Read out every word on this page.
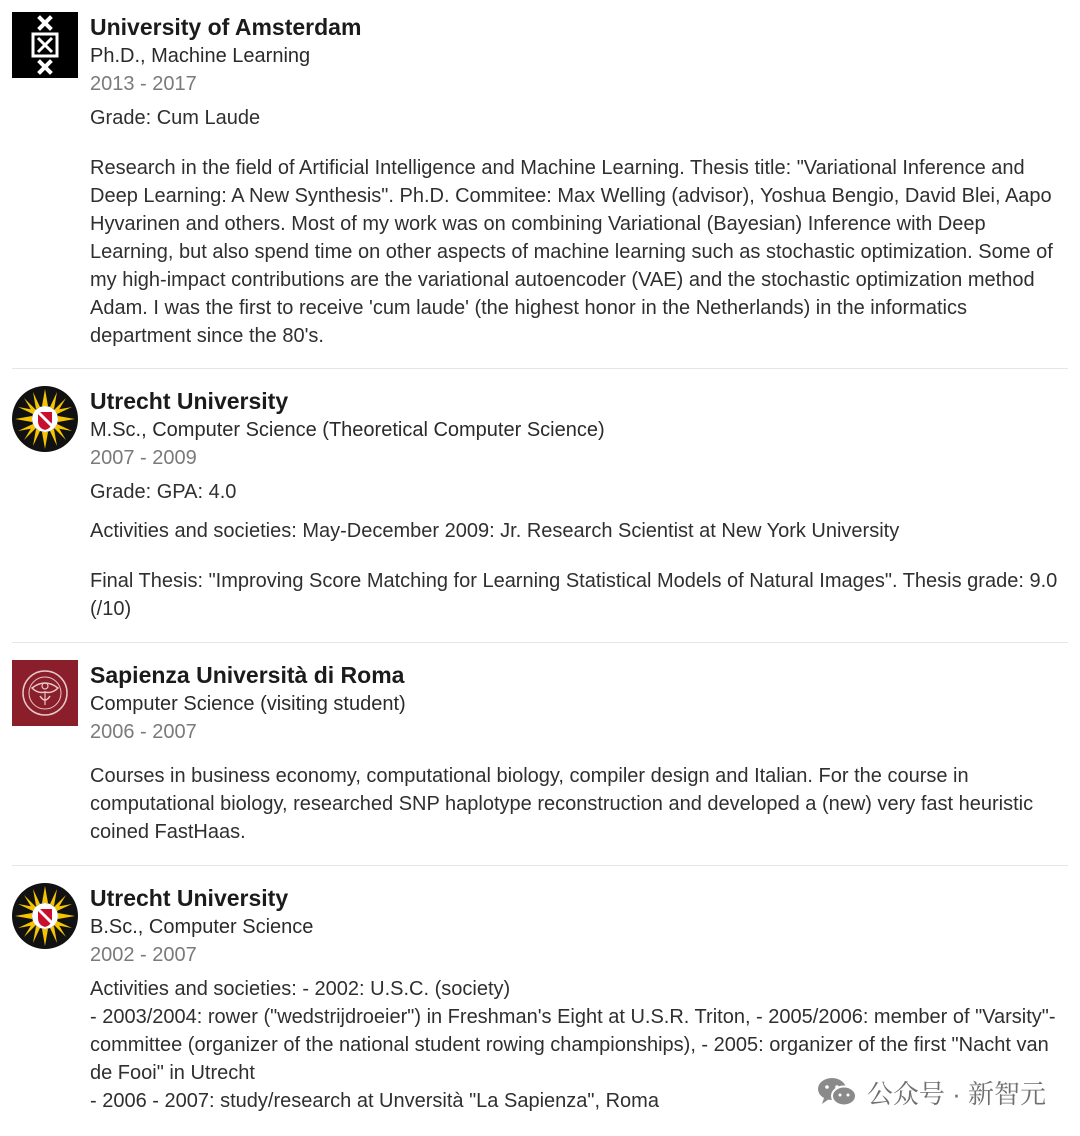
University of Amsterdam
Ph.D., Machine Learning
2013 - 2017
Grade: Cum Laude
Research in the field of Artificial Intelligence and Machine Learning. Thesis title: "Variational Inference and Deep Learning: A New Synthesis". Ph.D. Commitee: Max Welling (advisor), Yoshua Bengio, David Blei, Aapo Hyvarinen and others. Most of my work was on combining Variational (Bayesian) Inference with Deep Learning, but also spend time on other aspects of machine learning such as stochastic optimization. Some of my high-impact contributions are the variational autoencoder (VAE) and the stochastic optimization method Adam. I was the first to receive 'cum laude' (the highest honor in the Netherlands) in the informatics department since the 80's.
Utrecht University
M.Sc., Computer Science (Theoretical Computer Science)
2007 - 2009
Grade: GPA: 4.0
Activities and societies: May-December 2009: Jr. Research Scientist at New York University
Final Thesis: "Improving Score Matching for Learning Statistical Models of Natural Images". Thesis grade: 9.0 (/10)
Sapienza Università di Roma
Computer Science (visiting student)
2006 - 2007
Courses in business economy, computational biology, compiler design and Italian. For the course in computational biology, researched SNP haplotype reconstruction and developed a (new) very fast heuristic coined FastHaas.
Utrecht University
B.Sc., Computer Science
2002 - 2007
Activities and societies: - 2002: U.S.C. (society)
- 2003/2004: rower ("wedstrijdroeier") in Freshman's Eight at U.S.R. Triton, - 2005/2006: member of "Varsity"-committee (organizer of the national student rowing championships), - 2005: organizer of the first "Nacht van de Fooi" in Utrecht
- 2006 - 2007: study/research at Unversità "La Sapienza", Roma	公众号 · 新智元
